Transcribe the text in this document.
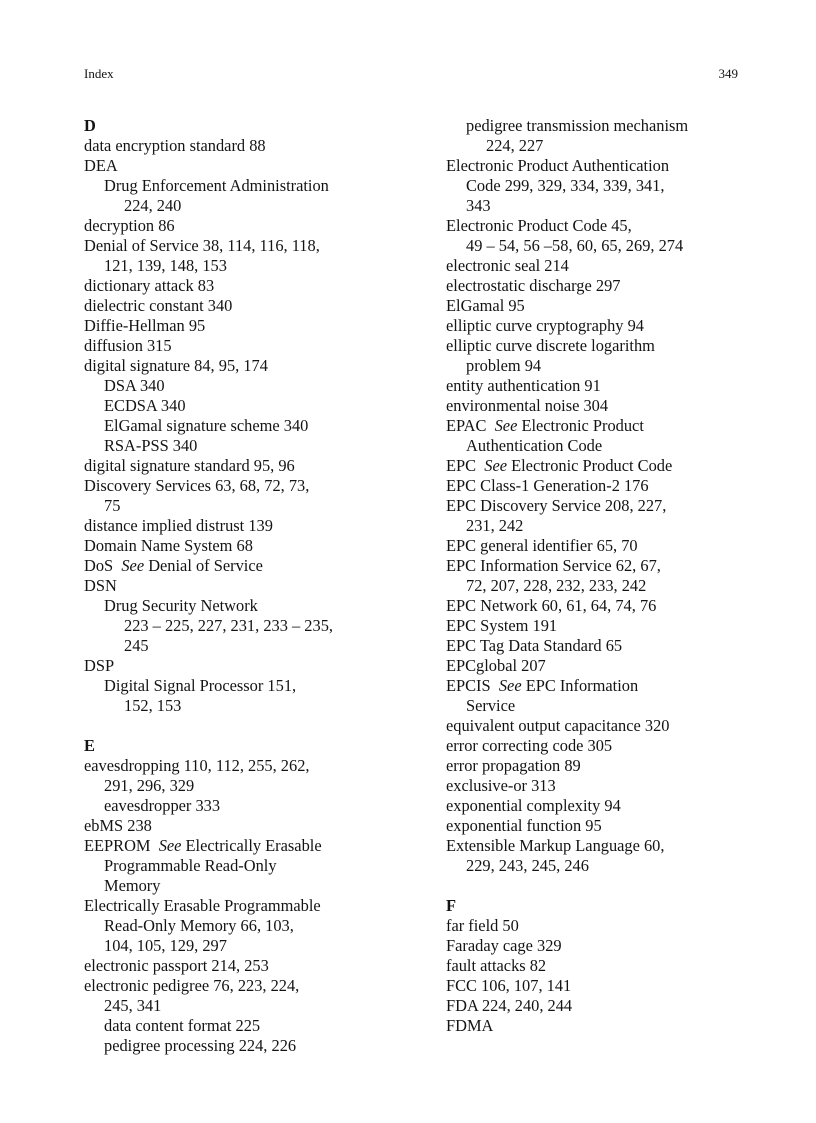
Index	349
D
data encryption standard 88
DEA
Drug Enforcement Administration
224, 240
decryption 86
Denial of Service 38, 114, 116, 118,
121, 139, 148, 153
dictionary attack 83
dielectric constant 340
Diffie-Hellman 95
diffusion 315
digital signature 84, 95, 174
DSA 340
ECDSA 340
ElGamal signature scheme 340
RSA-PSS 340
digital signature standard 95, 96
Discovery Services 63, 68, 72, 73,
75
distance implied distrust 139
Domain Name System 68
DoS  See Denial of Service
DSN
Drug Security Network
223 – 225, 227, 231, 233 – 235,
245
DSP
Digital Signal Processor 151,
152, 153
E
eavesdropping 110, 112, 255, 262,
291, 296, 329
eavesdropper 333
ebMS 238
EEPROM  See Electrically Erasable
Programmable Read-Only
Memory
Electrically Erasable Programmable
Read-Only Memory 66, 103,
104, 105, 129, 297
electronic passport 214, 253
electronic pedigree 76, 223, 224,
245, 341
data content format 225
pedigree processing 224, 226
pedigree transmission mechanism
224, 227
Electronic Product Authentication
Code 299, 329, 334, 339, 341,
343
Electronic Product Code 45,
49 – 54, 56 –58, 60, 65, 269, 274
electronic seal 214
electrostatic discharge 297
ElGamal 95
elliptic curve cryptography 94
elliptic curve discrete logarithm
problem 94
entity authentication 91
environmental noise 304
EPAC  See Electronic Product
Authentication Code
EPC  See Electronic Product Code
EPC Class-1 Generation-2 176
EPC Discovery Service 208, 227,
231, 242
EPC general identifier 65, 70
EPC Information Service 62, 67,
72, 207, 228, 232, 233, 242
EPC Network 60, 61, 64, 74, 76
EPC System 191
EPC Tag Data Standard 65
EPCglobal 207
EPCIS  See EPC Information
Service
equivalent output capacitance 320
error correcting code 305
error propagation 89
exclusive-or 313
exponential complexity 94
exponential function 95
Extensible Markup Language 60,
229, 243, 245, 246
F
far field 50
Faraday cage 329
fault attacks 82
FCC 106, 107, 141
FDA 224, 240, 244
FDMA
